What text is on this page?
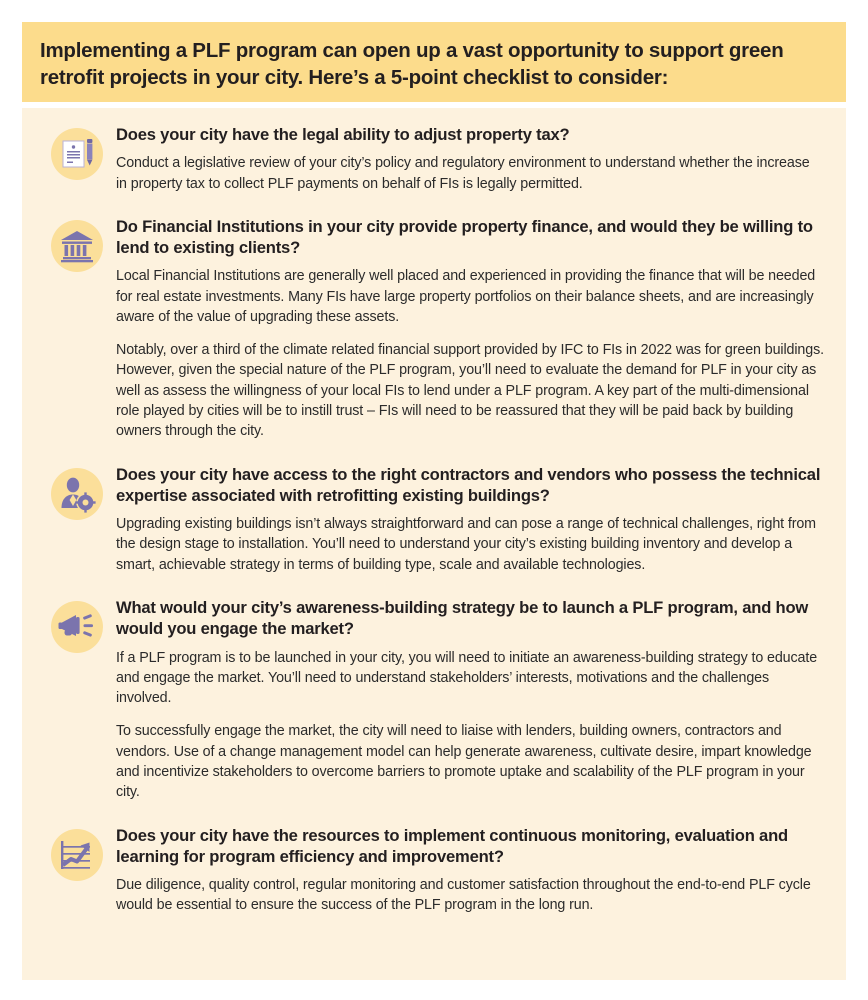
Implementing a PLF program can open up a vast opportunity to support green retrofit projects in your city. Here’s a 5-point checklist to consider:
Does your city have the legal ability to adjust property tax?
Conduct a legislative review of your city’s policy and regulatory environment to understand whether the increase in property tax to collect PLF payments on behalf of FIs is legally permitted.
Do Financial Institutions in your city provide property finance, and would they be willing to lend to existing clients?
Local Financial Institutions are generally well placed and experienced in providing the finance that will be needed for real estate investments. Many FIs have large property portfolios on their balance sheets, and are increasingly aware of the value of upgrading these assets.
Notably, over a third of the climate related financial support provided by IFC to FIs in 2022 was for green buildings. However, given the special nature of the PLF program, you’ll need to evaluate the demand for PLF in your city as well as assess the willingness of your local FIs to lend under a PLF program. A key part of the multi-dimensional role played by cities will be to instill trust – FIs will need to be reassured that they will be paid back by building owners through the city.
Does your city have access to the right contractors and vendors who possess the technical expertise associated with retrofitting existing buildings?
Upgrading existing buildings isn’t always straightforward and can pose a range of technical challenges, right from the design stage to installation. You’ll need to understand your city’s existing building inventory and develop a smart, achievable strategy in terms of building type, scale and available technologies.
What would your city’s awareness-building strategy be to launch a PLF program, and how would you engage the market?
If a PLF program is to be launched in your city, you will need to initiate an awareness-building strategy to educate and engage the market. You’ll need to understand stakeholders’ interests, motivations and the challenges involved.
To successfully engage the market, the city will need to liaise with lenders, building owners, contractors and vendors. Use of a change management model can help generate awareness, cultivate desire, impart knowledge and incentivize stakeholders to overcome barriers to promote uptake and scalability of the PLF program in your city.
Does your city have the resources to implement continuous monitoring, evaluation and learning for program efficiency and improvement?
Due diligence, quality control, regular monitoring and customer satisfaction throughout the end-to-end PLF cycle would be essential to ensure the success of the PLF program in the long run.
